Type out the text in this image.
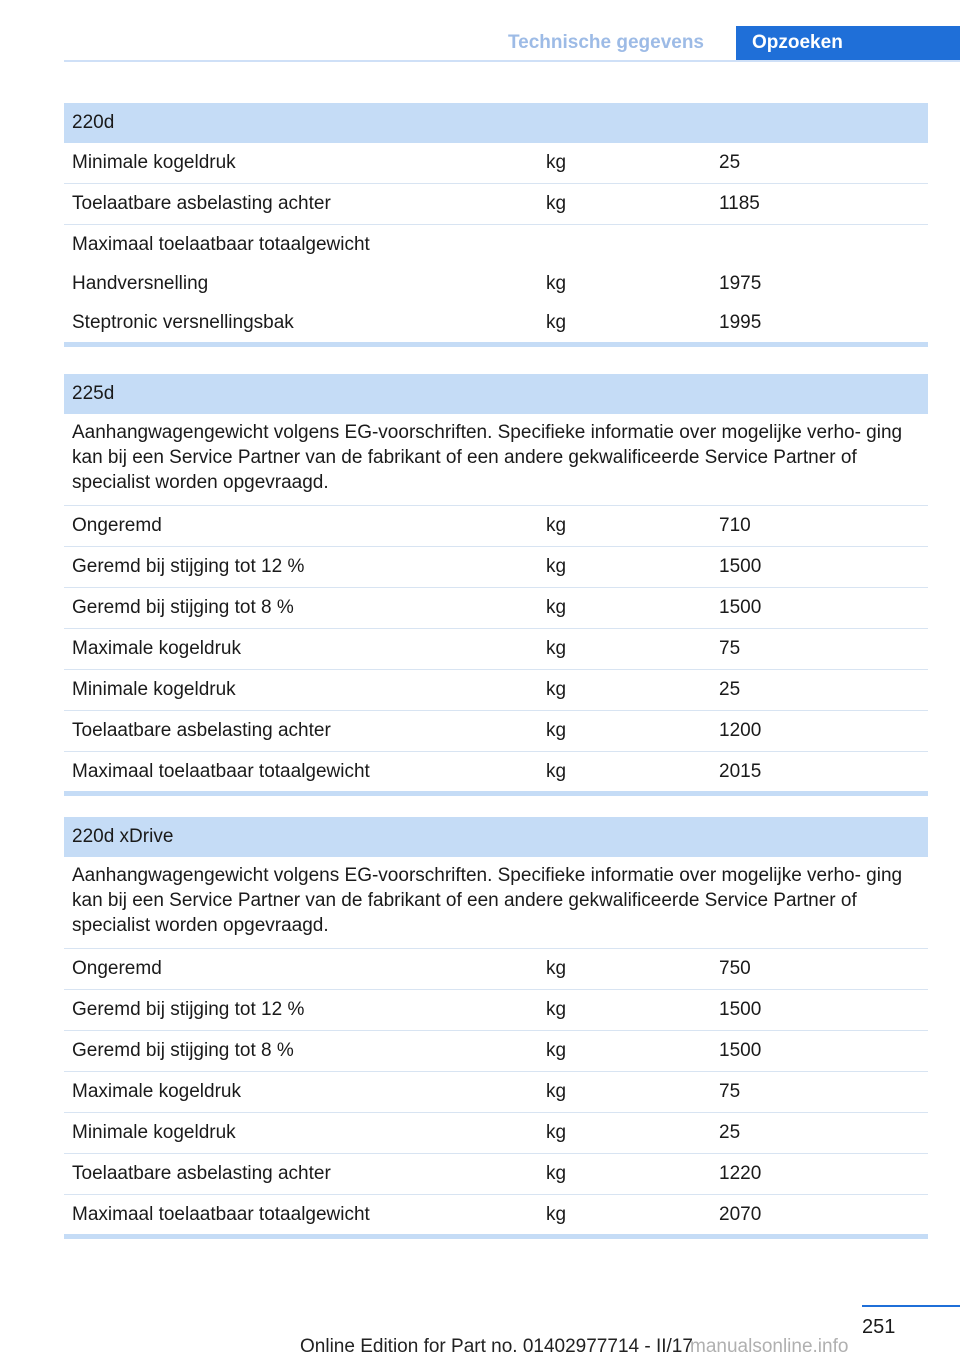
Technische gegevens	Opzoeken
220d
Minimale kogeldruk	kg	25
Toelaatbare asbelasting achter	kg	1185
Maximaal toelaatbaar totaalgewicht
Handversnelling	kg	1975
Steptronic versnellingsbak	kg	1995
225d
Aanhangwagengewicht volgens EG-voorschriften. Specifieke informatie over mogelijke verho- ging kan bij een Service Partner van de fabrikant of een andere gekwalificeerde Service Partner of specialist worden opgevraagd.
Ongeremd	kg	710
Geremd bij stijging tot 12 %	kg	1500
Geremd bij stijging tot 8 %	kg	1500
Maximale kogeldruk	kg	75
Minimale kogeldruk	kg	25
Toelaatbare asbelasting achter	kg	1200
Maximaal toelaatbaar totaalgewicht	kg	2015
220d xDrive
Aanhangwagengewicht volgens EG-voorschriften. Specifieke informatie over mogelijke verho- ging kan bij een Service Partner van de fabrikant of een andere gekwalificeerde Service Partner of specialist worden opgevraagd.
Ongeremd	kg	750
Geremd bij stijging tot 12 %	kg	1500
Geremd bij stijging tot 8 %	kg	1500
Maximale kogeldruk	kg	75
Minimale kogeldruk	kg	25
Toelaatbare asbelasting achter	kg	1220
Maximaal toelaatbaar totaalgewicht	kg	2070
251
Online Edition for Part no. 01402977714 - II/17
manualsonline.info
